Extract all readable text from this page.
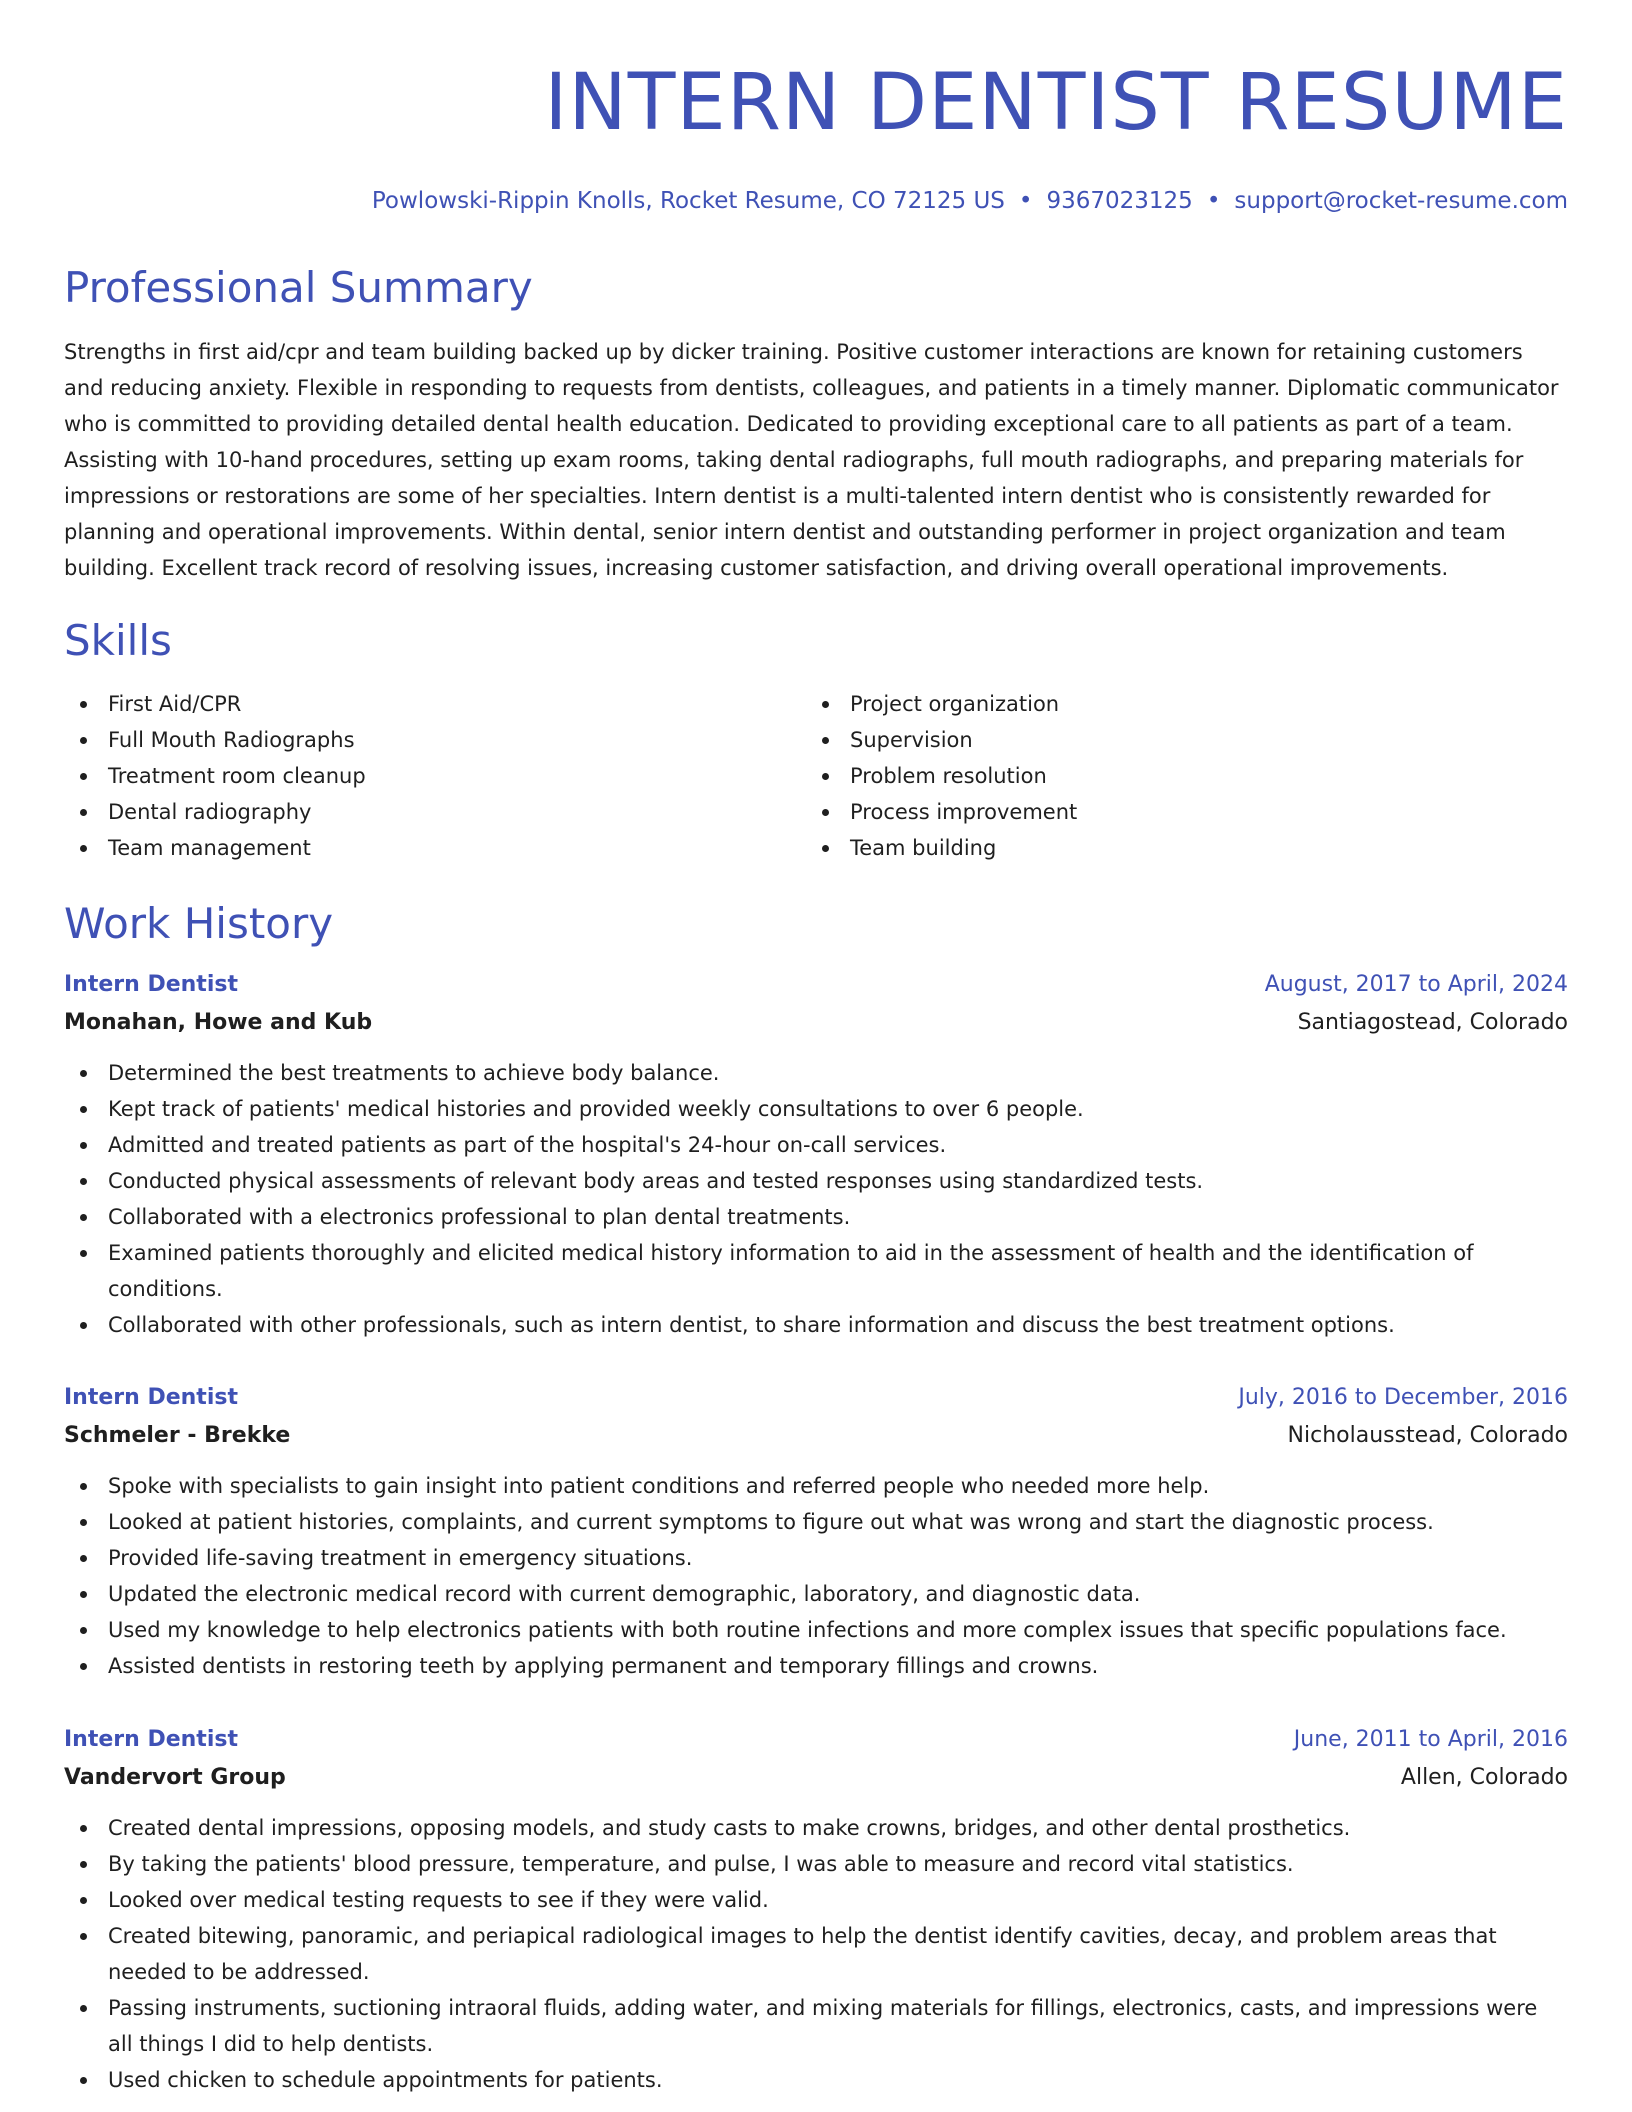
INTERN DENTIST RESUME
Powlowski-Rippin Knolls, Rocket Resume, CO 72125 US • 9367023125 • support@rocket-resume.com
Professional Summary

Strengths in first aid/cpr and team building backed up by dicker training. Positive customer interactions are known for retaining customers and reducing anxiety. Flexible in responding to requests from dentists, colleagues, and patients in a timely manner. Diplomatic communicator who is committed to providing detailed dental health education. Dedicated to providing exceptional care to all patients as part of a team. Assisting with 10-hand procedures, setting up exam rooms, taking dental radiographs, full mouth radiographs, and preparing materials for impressions or restorations are some of her specialties. Intern dentist is a multi-talented intern dentist who is consistently rewarded for planning and operational improvements. Within dental, senior intern dentist and outstanding performer in project organization and team building. Excellent track record of resolving issues, increasing customer satisfaction, and driving overall operational improvements.

Skills
First Aid/CPR
Full Mouth Radiographs
Treatment room cleanup
Dental radiography
Team management
Project organization
Supervision
Problem resolution
Process improvement
Team building
Work History
Intern Dentist	August, 2017 to April, 2024
Monahan, Howe and Kub	Santiagostead, Colorado
Determined the best treatments to achieve body balance.
Kept track of patients' medical histories and provided weekly consultations to over 6 people.
Admitted and treated patients as part of the hospital's 24-hour on-call services.
Conducted physical assessments of relevant body areas and tested responses using standardized tests.
Collaborated with a electronics professional to plan dental treatments.
Examined patients thoroughly and elicited medical history information to aid in the assessment of health and the identification of conditions.
Collaborated with other professionals, such as intern dentist, to share information and discuss the best treatment options.
Intern Dentist	July, 2016 to December, 2016
Schmeler - Brekke	Nicholausstead, Colorado
Spoke with specialists to gain insight into patient conditions and referred people who needed more help.
Looked at patient histories, complaints, and current symptoms to figure out what was wrong and start the diagnostic process.
Provided life-saving treatment in emergency situations.
Updated the electronic medical record with current demographic, laboratory, and diagnostic data.
Used my knowledge to help electronics patients with both routine infections and more complex issues that specific populations face.
Assisted dentists in restoring teeth by applying permanent and temporary fillings and crowns.
Intern Dentist	June, 2011 to April, 2016
Vandervort Group	Allen, Colorado
Created dental impressions, opposing models, and study casts to make crowns, bridges, and other dental prosthetics.
By taking the patients' blood pressure, temperature, and pulse, I was able to measure and record vital statistics.
Looked over medical testing requests to see if they were valid.
Created bitewing, panoramic, and periapical radiological images to help the dentist identify cavities, decay, and problem areas that needed to be addressed.
Passing instruments, suctioning intraoral fluids, adding water, and mixing materials for fillings, electronics, casts, and impressions were all things I did to help dentists.
Used chicken to schedule appointments for patients.
